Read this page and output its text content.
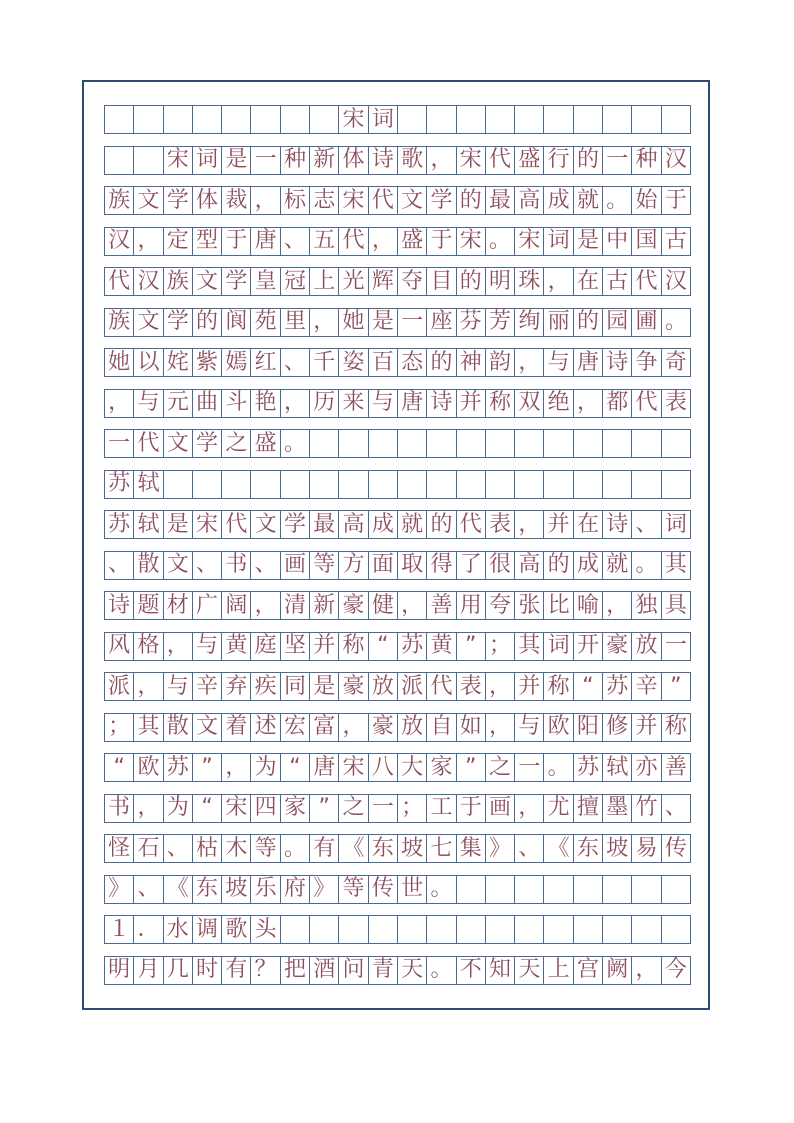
宋 词
宋 词 是 一 种 新 体 诗 歌 ， 宋 代 盛 行 的 一 种 汉
族 文 学 体 裁 ， 标 志 宋 代 文 学 的 最 高 成 就 。 始 于
汉 ， 定 型 于 唐 、 五 代 ， 盛 于 宋 。 宋 词 是 中 国 古
代 汉 族 文 学 皇 冠 上 光 辉 夺 目 的 明 珠 ， 在 古 代 汉
族 文 学 的 阆 苑 里 ， 她 是 一 座 芬 芳 绚 丽 的 园 圃 。
她 以 姹 紫 嫣 红 、 千 姿 百 态 的 神 韵 ， 与 唐 诗 争 奇
， 与 元 曲 斗 艳 ， 历 来 与 唐 诗 并 称 双 绝 ， 都 代 表
一 代 文 学 之 盛 。
苏 轼
苏 轼 是 宋 代 文 学 最 高 成 就 的 代 表 ， 并 在 诗 、 词
、 散 文 、 书 、 画 等 方 面 取 得 了 很 高 的 成 就 。 其
诗 题 材 广 阔 ， 清 新 豪 健 ， 善 用 夸 张 比 喻 ， 独 具
风 格 ， 与 黄 庭 坚 并 称 “ 苏 黄 ” ； 其 词 开 豪 放 一
派 ， 与 辛 弃 疾 同 是 豪 放 派 代 表 ， 并 称 “ 苏 辛 ”
； 其 散 文 着 述 宏 富 ， 豪 放 自 如 ， 与 欧 阳 修 并 称
“ 欧 苏 ” ， 为 “ 唐 宋 八 大 家 ” 之 一 。 苏 轼 亦 善
书 ， 为 “ 宋 四 家 ” 之 一 ； 工 于 画 ， 尤 擅 墨 竹 、
怪 石 、 枯 木 等 。 有 《 东 坡 七 集 》 、 《 东 坡 易 传
》 、 《 东 坡 乐 府 》 等 传 世 。
１ ． 水 调 歌 头
明 月 几 时 有 ？ 把 酒 问 青 天 。 不 知 天 上 宫 阙 ， 今
